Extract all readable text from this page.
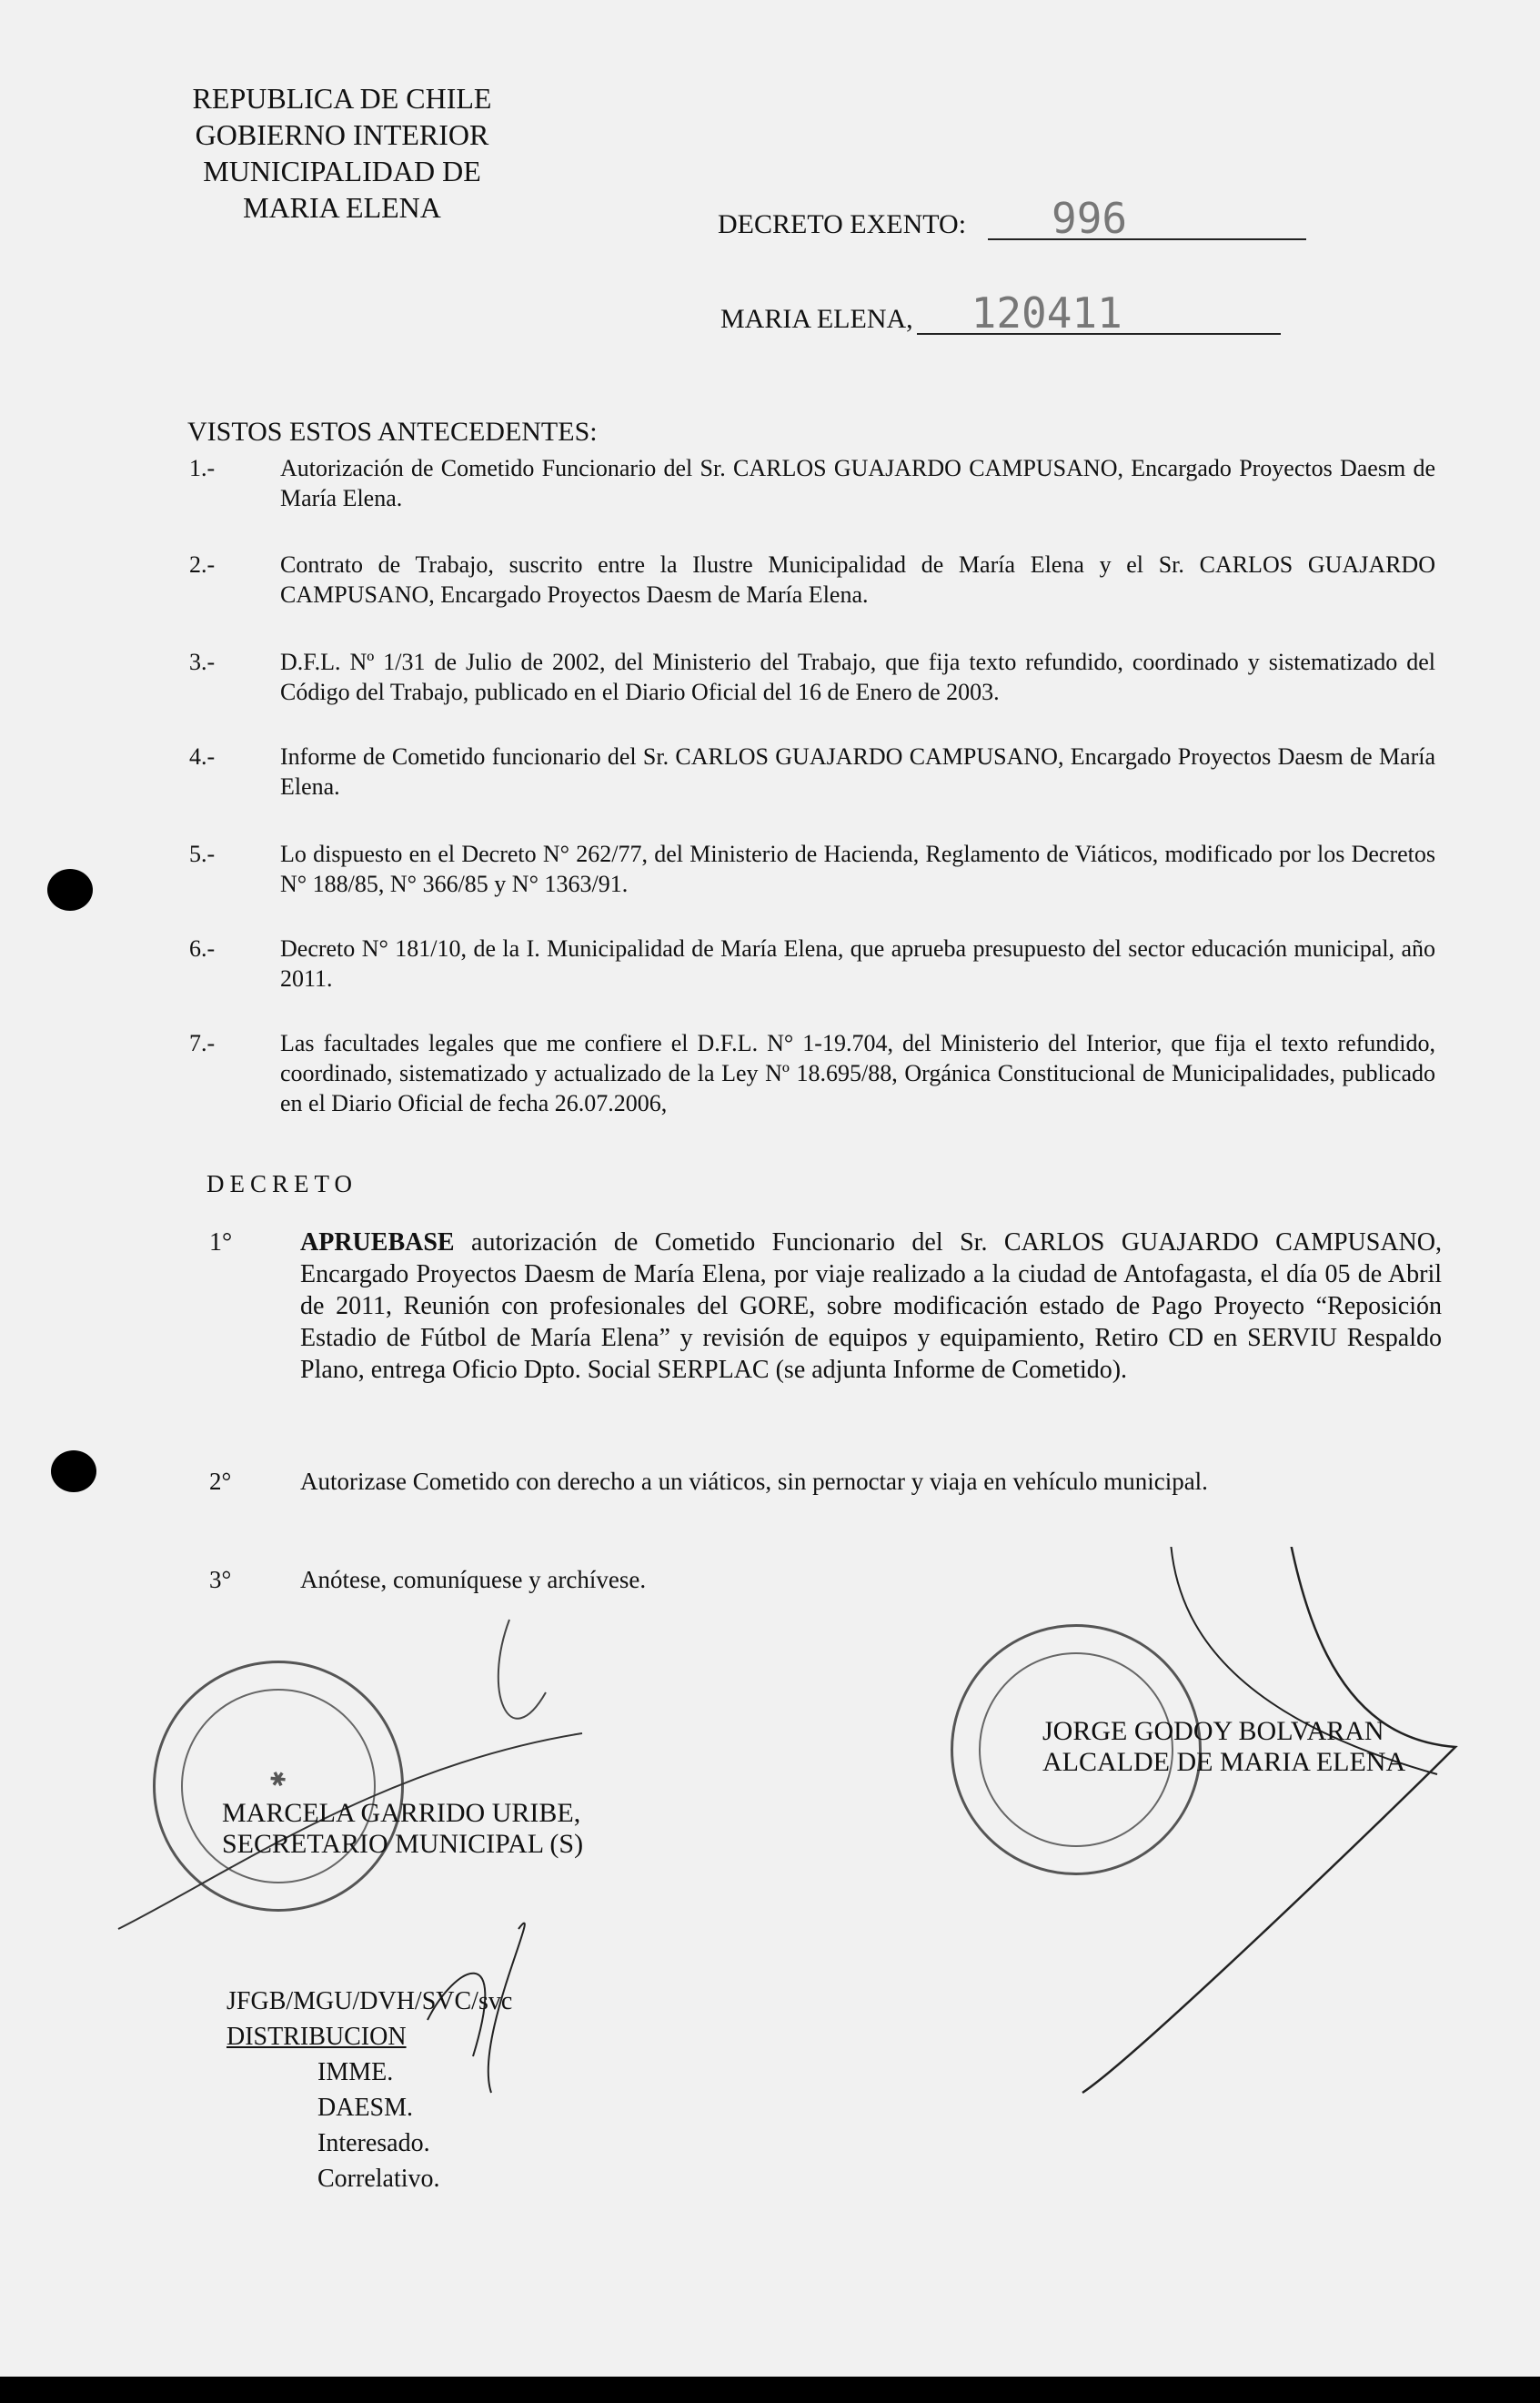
REPUBLICA DE CHILE
GOBIERNO INTERIOR
MUNICIPALIDAD DE
MARIA ELENA
DECRETO EXENTO: 996
MARIA ELENA, 120411
VISTOS ESTOS ANTECEDENTES:
1.-	Autorización de Cometido Funcionario del Sr. CARLOS GUAJARDO CAMPUSANO, Encargado Proyectos Daesm de María Elena.
2.-	Contrato de Trabajo, suscrito entre la Ilustre Municipalidad de María Elena y el Sr. CARLOS GUAJARDO CAMPUSANO, Encargado Proyectos Daesm de María Elena.
3.-	D.F.L. Nº 1/31 de Julio de 2002, del Ministerio del Trabajo, que fija texto refundido, coordinado y sistematizado del Código del Trabajo, publicado en el Diario Oficial del 16 de Enero de 2003.
4.-	Informe de Cometido funcionario del Sr. CARLOS GUAJARDO CAMPUSANO, Encargado Proyectos Daesm de María Elena.
5.-	Lo dispuesto en el Decreto N° 262/77, del Ministerio de Hacienda, Reglamento de Viáticos, modificado por los Decretos N° 188/85, N° 366/85 y N° 1363/91.
6.-	Decreto N° 181/10, de la I. Municipalidad de María Elena, que aprueba presupuesto del sector educación municipal, año 2011.
7.-	Las facultades legales que me confiere el D.F.L. N° 1-19.704, del Ministerio del Interior, que fija el texto refundido, coordinado, sistematizado y actualizado de la Ley Nº 18.695/88, Orgánica Constitucional de Municipalidades, publicado en el Diario Oficial de fecha 26.07.2006,
DECRETO
1°	APRUEBASE autorización de Cometido Funcionario del Sr. CARLOS GUAJARDO CAMPUSANO, Encargado Proyectos Daesm de María Elena, por viaje realizado a la ciudad de Antofagasta, el día 05 de Abril de 2011, Reunión con profesionales del GORE, sobre modificación estado de Pago Proyecto “Reposición Estadio de Fútbol de María Elena” y revisión de equipos y equipamiento, Retiro CD en SERVIU Respaldo Plano, entrega Oficio Dpto. Social SERPLAC (se adjunta Informe de Cometido).
2°	Autorizase Cometido con derecho a un viáticos, sin pernoctar y viaja en vehículo municipal.
3°	Anótese, comuníquese y archívese.
✱
MARCELA GARRIDO URIBE,
SECRETARIO MUNICIPAL (S)
JORGE GODOY BOLVARAN
ALCALDE DE MARIA ELENA
JFGB/MGU/DVH/SVC/svc
DISTRIBUCION
IMME.
DAESM.
Interesado.
Correlativo.
